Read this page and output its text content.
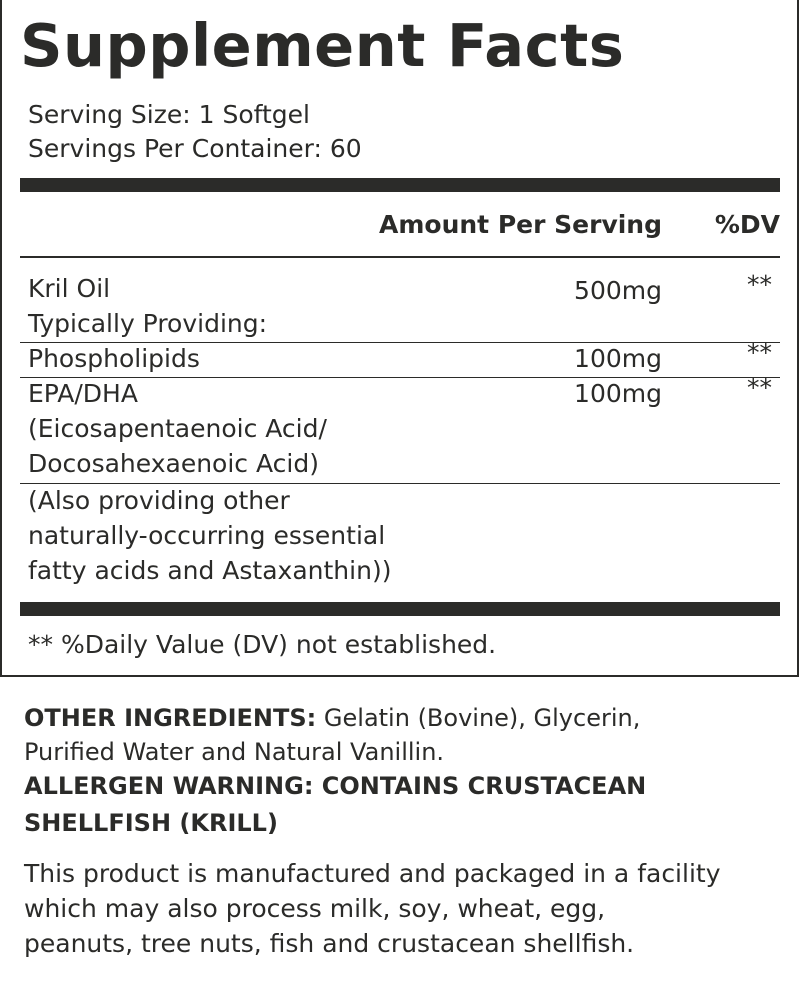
Supplement Facts
Serving Size: 1 Softgel
Servings Per Container: 60
Amount Per Serving	%DV
Kril Oil	500mg	**
Typically Providing:
Phospholipids	100mg	**
EPA/DHA	100mg	**
(Eicosapentaenoic Acid/
Docosahexaenoic Acid)
(Also providing other
naturally-occurring essential
fatty acids and Astaxanthin))
** %Daily Value (DV) not established.
OTHER INGREDIENTS: Gelatin (Bovine), Glycerin,
Purified Water and Natural Vanillin.
ALLERGEN WARNING: CONTAINS CRUSTACEAN
SHELLFISH (KRILL)
This product is manufactured and packaged in a facility
which may also process milk, soy, wheat, egg,
peanuts, tree nuts, fish and crustacean shellfish.
